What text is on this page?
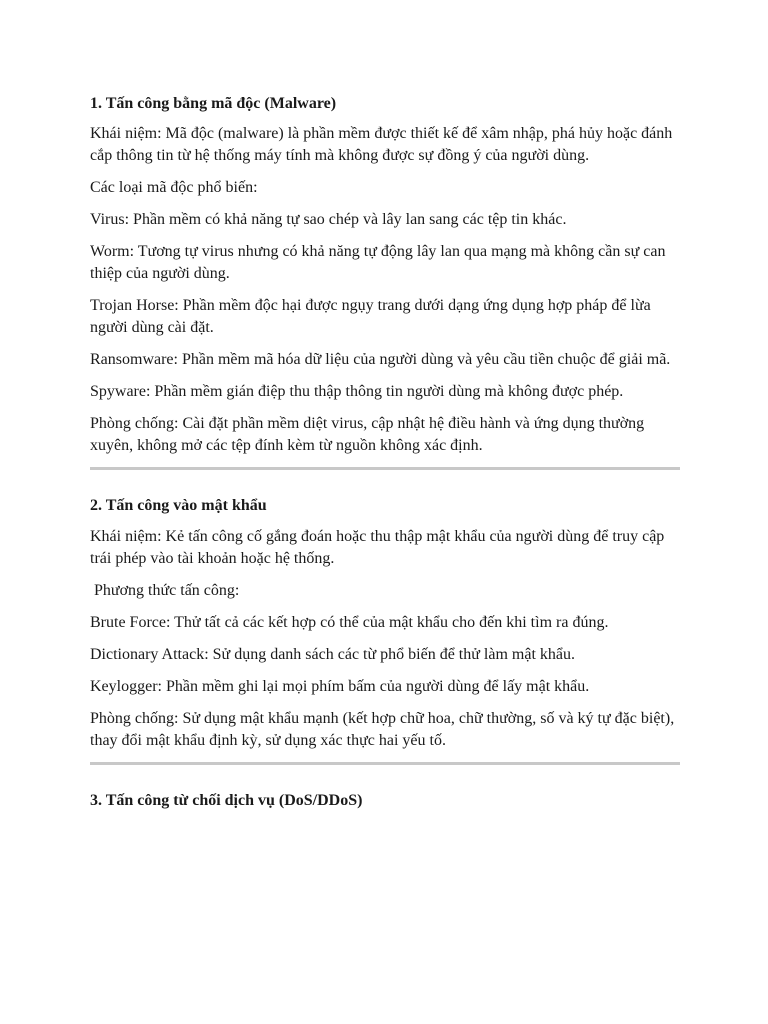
1. Tấn công bằng mã độc (Malware)
Khái niệm: Mã độc (malware) là phần mềm được thiết kế để xâm nhập, phá hủy hoặc đánh cắp thông tin từ hệ thống máy tính mà không được sự đồng ý của người dùng.
Các loại mã độc phổ biến:
Virus: Phần mềm có khả năng tự sao chép và lây lan sang các tệp tin khác.
Worm: Tương tự virus nhưng có khả năng tự động lây lan qua mạng mà không cần sự can thiệp của người dùng.
Trojan Horse: Phần mềm độc hại được ngụy trang dưới dạng ứng dụng hợp pháp để lừa người dùng cài đặt.
Ransomware: Phần mềm mã hóa dữ liệu của người dùng và yêu cầu tiền chuộc để giải mã.
Spyware: Phần mềm gián điệp thu thập thông tin người dùng mà không được phép.
Phòng chống: Cài đặt phần mềm diệt virus, cập nhật hệ điều hành và ứng dụng thường xuyên, không mở các tệp đính kèm từ nguồn không xác định.
2. Tấn công vào mật khẩu
Khái niệm: Kẻ tấn công cố gắng đoán hoặc thu thập mật khẩu của người dùng để truy cập trái phép vào tài khoản hoặc hệ thống.
Phương thức tấn công:
Brute Force: Thử tất cả các kết hợp có thể của mật khẩu cho đến khi tìm ra đúng.
Dictionary Attack: Sử dụng danh sách các từ phổ biến để thử làm mật khẩu.
Keylogger: Phần mềm ghi lại mọi phím bấm của người dùng để lấy mật khẩu.
Phòng chống: Sử dụng mật khẩu mạnh (kết hợp chữ hoa, chữ thường, số và ký tự đặc biệt), thay đổi mật khẩu định kỳ, sử dụng xác thực hai yếu tố.
3. Tấn công từ chối dịch vụ (DoS/DDoS)
